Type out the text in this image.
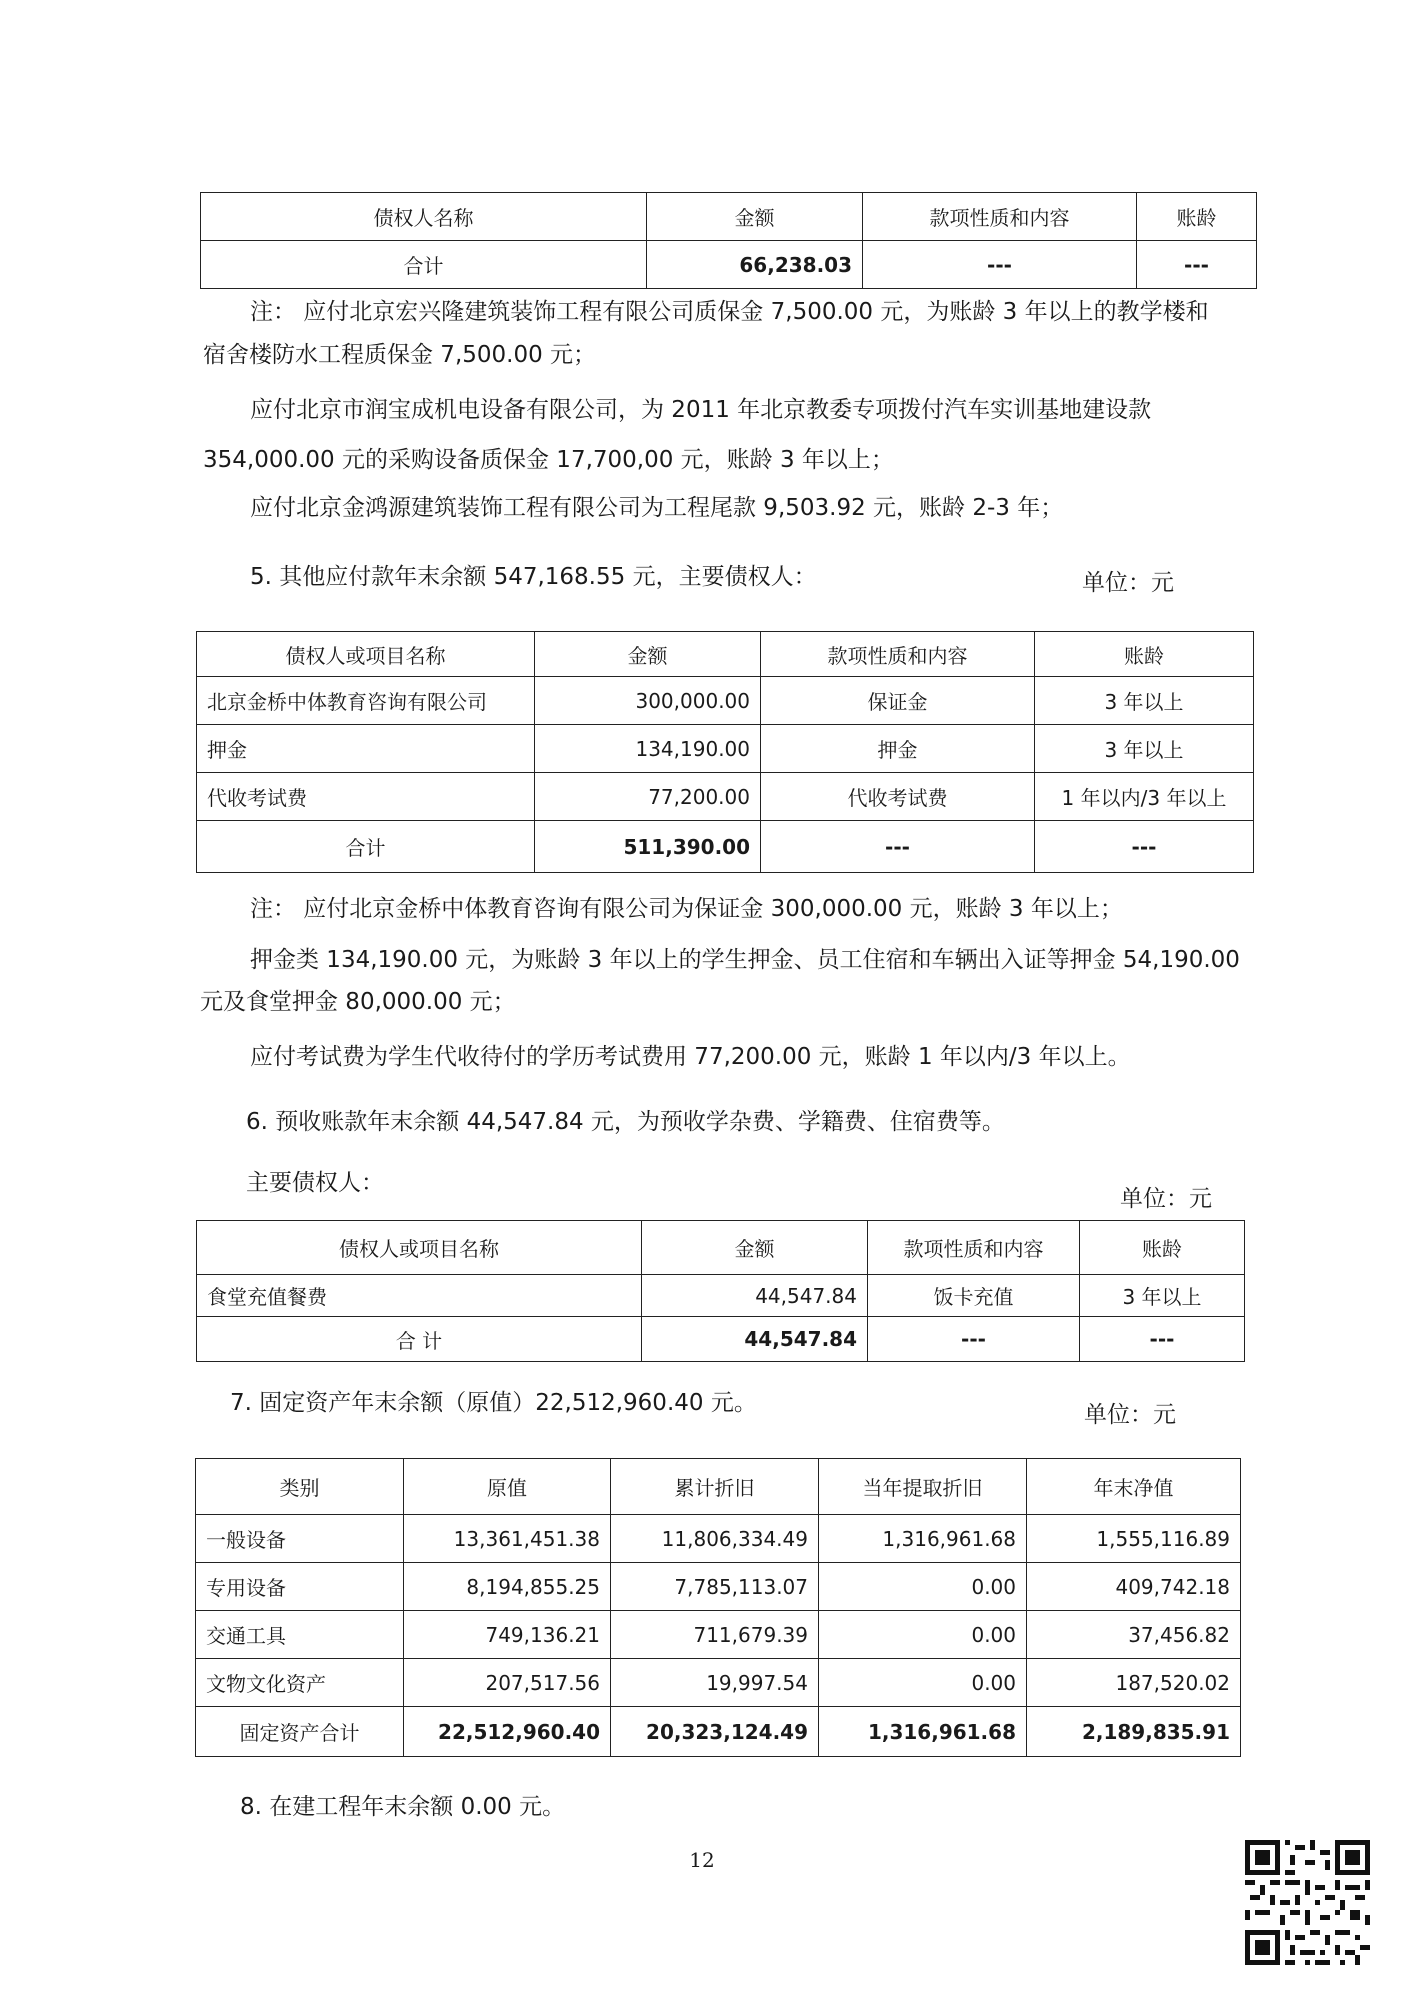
债权人名称	金额	款项性质和内容	账龄
合计	66,238.03	---	---
注： 应付北京宏兴隆建筑装饰工程有限公司质保金 7,500.00 元，为账龄 3 年以上的教学楼和
宿舍楼防水工程质保金 7,500.00 元；
应付北京市润宝成机电设备有限公司，为 2011 年北京教委专项拨付汽车实训基地建设款
354,000.00 元的采购设备质保金 17,700,00 元，账龄 3 年以上；
应付北京金鸿源建筑装饰工程有限公司为工程尾款 9,503.92 元，账龄 2-3 年；
5. 其他应付款年末余额 547,168.55 元，主要债权人：	单位：元
债权人或项目名称	金额	款项性质和内容	账龄
北京金桥中体教育咨询有限公司	300,000.00	保证金	3 年以上
押金	134,190.00	押金	3 年以上
代收考试费	77,200.00	代收考试费	1 年以内/3 年以上
合计	511,390.00	---	---
注： 应付北京金桥中体教育咨询有限公司为保证金 300,000.00 元，账龄 3 年以上；
押金类 134,190.00 元，为账龄 3 年以上的学生押金、员工住宿和车辆出入证等押金 54,190.00
元及食堂押金 80,000.00 元；
应付考试费为学生代收待付的学历考试费用 77,200.00 元，账龄 1 年以内/3 年以上。
6. 预收账款年末余额 44,547.84 元，为预收学杂费、学籍费、住宿费等。
主要债权人：
单位：元
债权人或项目名称	金额	款项性质和内容	账龄
食堂充值餐费	44,547.84	饭卡充值	3 年以上
合 计	44,547.84	---	---
7. 固定资产年末余额（原值）22,512,960.40 元。	单位：元
类别	原值	累计折旧	当年提取折旧	年末净值
一般设备	13,361,451.38	11,806,334.49	1,316,961.68	1,555,116.89
专用设备	8,194,855.25	7,785,113.07	0.00	409,742.18
交通工具	749,136.21	711,679.39	0.00	37,456.82
文物文化资产	207,517.56	19,997.54	0.00	187,520.02
固定资产合计	22,512,960.40	20,323,124.49	1,316,961.68	2,189,835.91
8. 在建工程年末余额 0.00 元。
12
